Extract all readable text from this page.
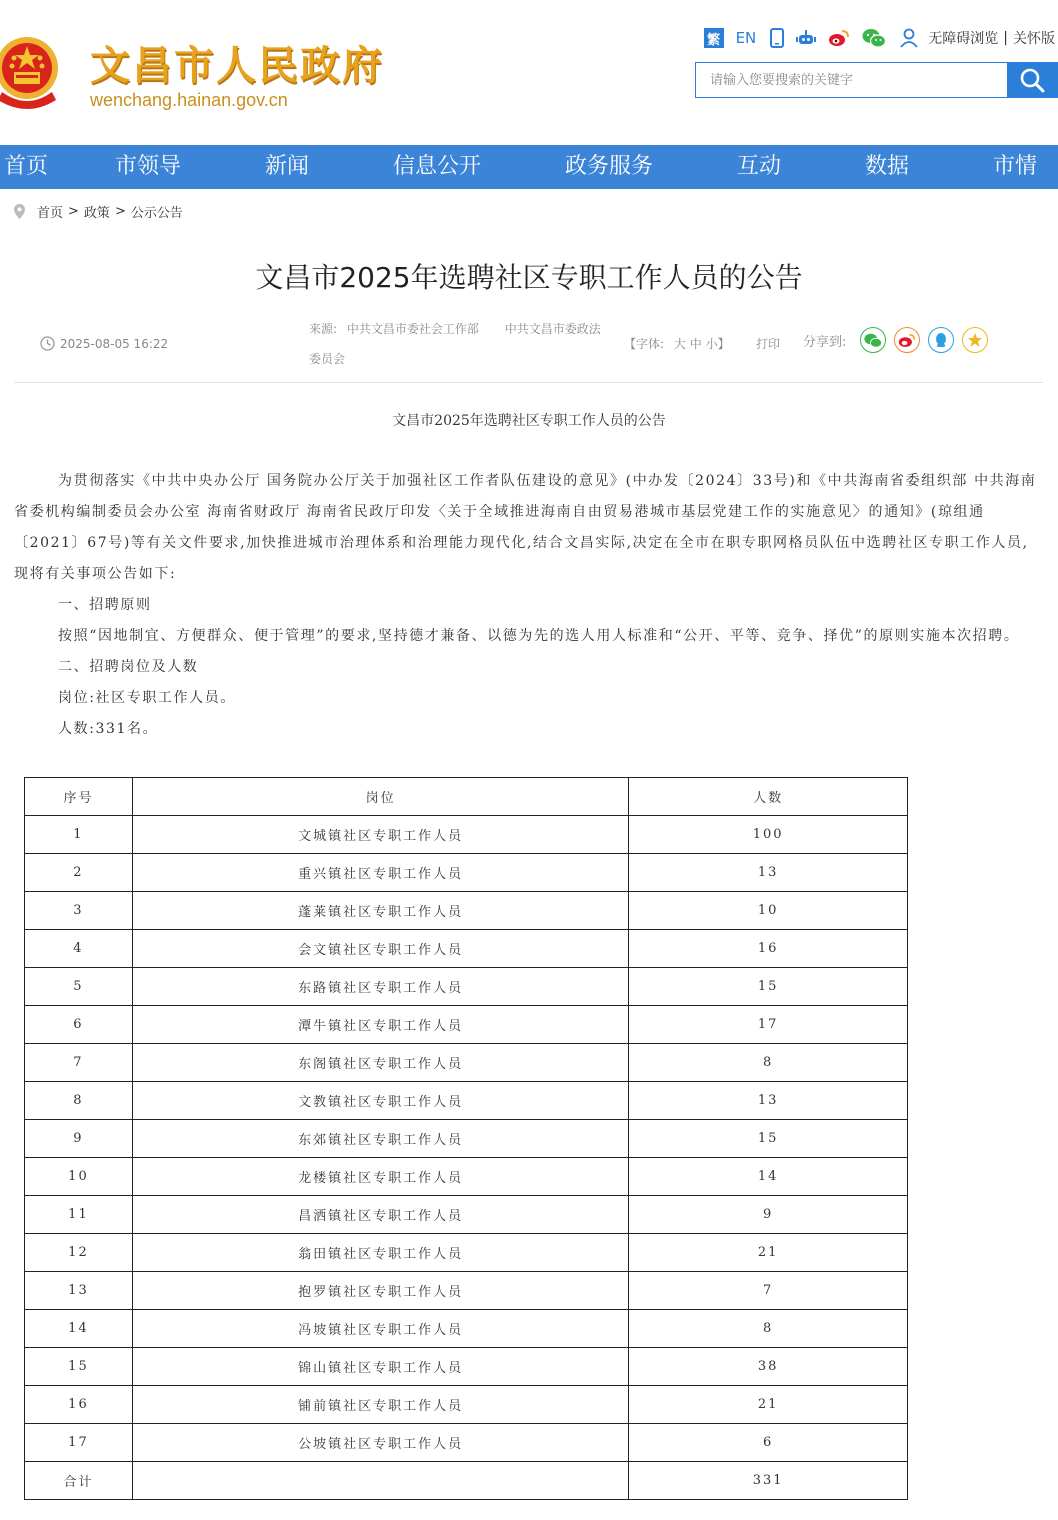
文昌市人民政府
wenchang.hainan.gov.cn
繁 EN	无障碍浏览 | 关怀版
请输入您要搜索的关键字
首页	市领导	新闻	信息公开	政务服务	互动	数据	市情
首页 > 政策 > 公示公告
文昌市2025年选聘社区专职工作人员的公告
2025-08-05 16:22
来源: 中共文昌市委社会工作部 中共文昌市委政法
委员会
【字体: 大 中 小】 打印 分享到:
文昌市2025年选聘社区专职工作人员的公告

为贯彻落实《中共中央办公厅 国务院办公厅关于加强社区工作者队伍建设的意见》(中办发〔2024〕33号)和《中共海南省委组织部 中共海南省委机构编制委员会办公室 海南省财政厅 海南省民政厅印发〈关于全域推进海南自由贸易港城市基层党建工作的实施意见〉的通知》(琼组通〔2021〕67号)等有关文件要求,加快推进城市治理体系和治理能力现代化,结合文昌实际,决定在全市在职专职网格员队伍中选聘社区专职工作人员,现将有关事项公告如下:

一、招聘原则

按照“因地制宜、方便群众、便于管理”的要求,坚持德才兼备、以德为先的选人用人标准和“公开、平等、竞争、择优”的原则实施本次招聘。

二、招聘岗位及人数

岗位:社区专职工作人员。

人数:331名。

序号	岗位	人数
1	文城镇社区专职工作人员	100
2	重兴镇社区专职工作人员	13
3	蓬莱镇社区专职工作人员	10
4	会文镇社区专职工作人员	16
5	东路镇社区专职工作人员	15
6	潭牛镇社区专职工作人员	17
7	东阁镇社区专职工作人员	8
8	文教镇社区专职工作人员	13
9	东郊镇社区专职工作人员	15
10	龙楼镇社区专职工作人员	14
11	昌洒镇社区专职工作人员	9
12	翁田镇社区专职工作人员	21
13	抱罗镇社区专职工作人员	7
14	冯坡镇社区专职工作人员	8
15	锦山镇社区专职工作人员	38
16	铺前镇社区专职工作人员	21
17	公坡镇社区专职工作人员	6
合计		331
